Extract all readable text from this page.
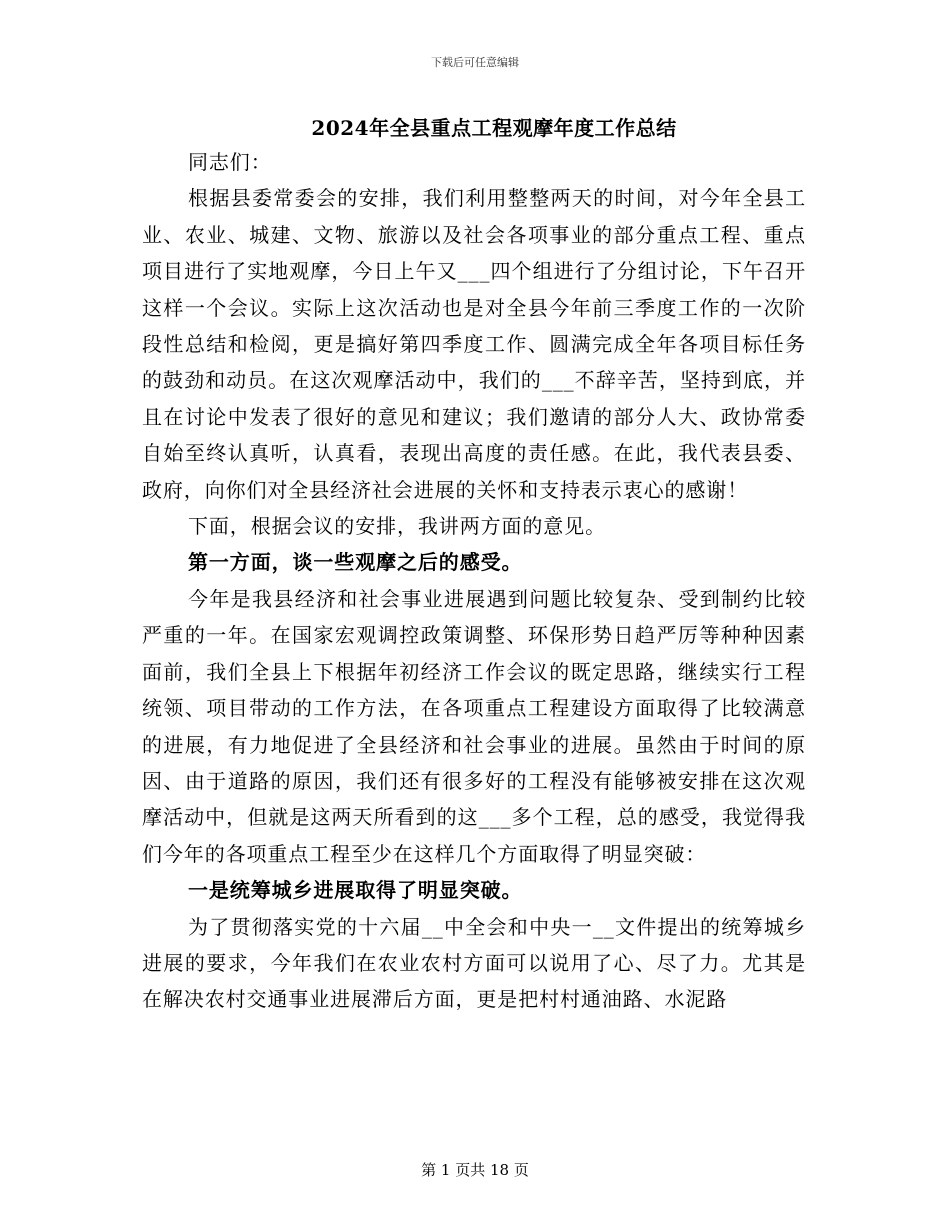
下载后可任意编辑
2024年全县重点工程观摩年度工作总结

同志们：

根据县委常委会的安排，我们利用整整两天的时间，对今年全县工业、农业、城建、文物、旅游以及社会各项事业的部分重点工程、重点项目进行了实地观摩，今日上午又___四个组进行了分组讨论，下午召开这样一个会议。实际上这次活动也是对全县今年前三季度工作的一次阶段性总结和检阅，更是搞好第四季度工作、圆满完成全年各项目标任务的鼓劲和动员。在这次观摩活动中，我们的___不辞辛苦，坚持到底，并且在讨论中发表了很好的意见和建议；我们邀请的部分人大、政协常委自始至终认真听，认真看，表现出高度的责任感。在此，我代表县委、政府，向你们对全县经济社会进展的关怀和支持表示衷心的感谢！

下面，根据会议的安排，我讲两方面的意见。

第一方面，谈一些观摩之后的感受。

今年是我县经济和社会事业进展遇到问题比较复杂、受到制约比较严重的一年。在国家宏观调控政策调整、环保形势日趋严厉等种种因素面前，我们全县上下根据年初经济工作会议的既定思路，继续实行工程统领、项目带动的工作方法，在各项重点工程建设方面取得了比较满意的进展，有力地促进了全县经济和社会事业的进展。虽然由于时间的原因、由于道路的原因，我们还有很多好的工程没有能够被安排在这次观摩活动中，但就是这两天所看到的这___多个工程，总的感受，我觉得我们今年的各项重点工程至少在这样几个方面取得了明显突破：

一是统筹城乡进展取得了明显突破。

为了贯彻落实党的十六届__中全会和中央一__文件提出的统筹城乡进展的要求，今年我们在农业农村方面可以说用了心、尽了力。尤其是在解决农村交通事业进展滞后方面，更是把村村通油路、水泥路

第 1 页共 18 页
